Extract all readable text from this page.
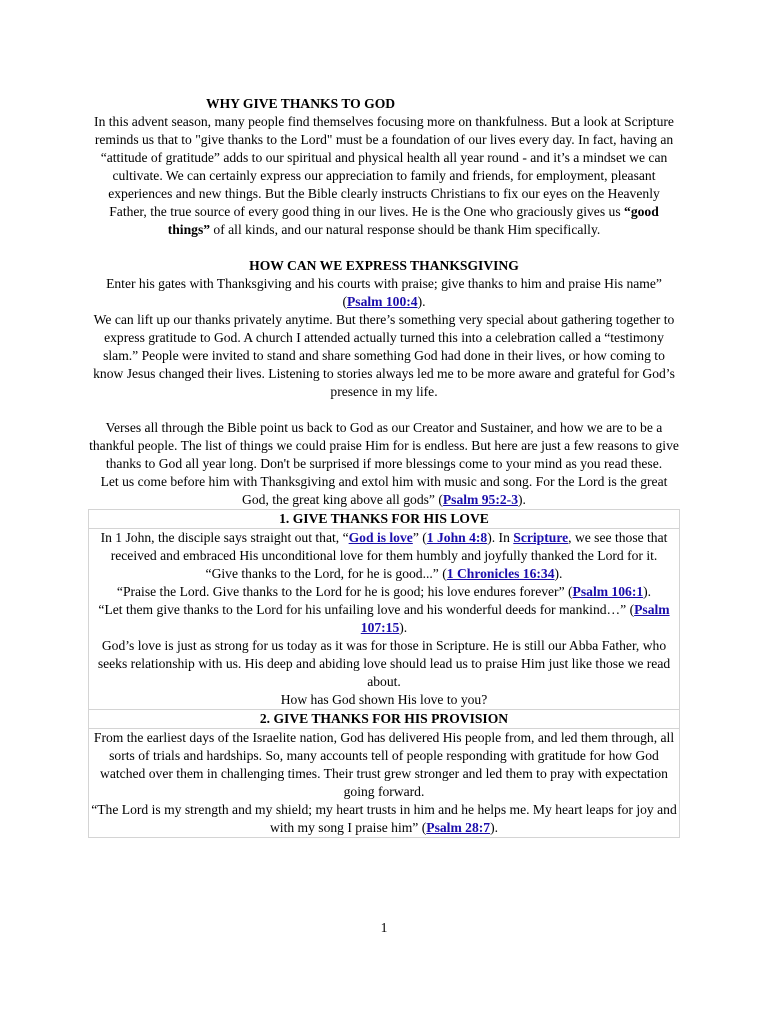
WHY GIVE THANKS TO GOD

In this advent season, many people find themselves focusing more on thankfulness. But a look at Scripture reminds us that to "give thanks to the Lord" must be a foundation of our lives every day. In fact, having an “attitude of gratitude” adds to our spiritual and physical health all year round - and it’s a mindset we can cultivate. We can certainly express our appreciation to family and friends, for employment, pleasant experiences and new things. But the Bible clearly instructs Christians to fix our eyes on the Heavenly Father, the true source of every good thing in our lives. He is the One who graciously gives us “good things” of all kinds, and our natural response should be thank Him specifically.

HOW CAN WE EXPRESS THANKSGIVING

Enter his gates with Thanksgiving and his courts with praise; give thanks to him and praise His name” (Psalm 100:4).

We can lift up our thanks privately anytime. But there’s something very special about gathering together to express gratitude to God. A church I attended actually turned this into a celebration called a “testimony slam.” People were invited to stand and share something God had done in their lives, or how coming to know Jesus changed their lives. Listening to stories always led me to be more aware and grateful for God’s presence in my life.

Verses all through the Bible point us back to God as our Creator and Sustainer, and how we are to be a thankful people. The list of things we could praise Him for is endless. But here are just a few reasons to give thanks to God all year long. Don't be surprised if more blessings come to your mind as you read these.

Let us come before him with Thanksgiving and extol him with music and song. For the Lord is the great God, the great king above all gods” (Psalm 95:2-3).

1. GIVE THANKS FOR HIS LOVE

In 1 John, the disciple says straight out that, “God is love” (1 John 4:8). In Scripture, we see those that received and embraced His unconditional love for them humbly and joyfully thanked the Lord for it.

“Give thanks to the Lord, for he is good...” (1 Chronicles 16:34).

“Praise the Lord. Give thanks to the Lord for he is good; his love endures forever” (Psalm 106:1).

“Let them give thanks to the Lord for his unfailing love and his wonderful deeds for mankind…” (Psalm 107:15).

God’s love is just as strong for us today as it was for those in Scripture. He is still our Abba Father, who seeks relationship with us. His deep and abiding love should lead us to praise Him just like those we read about.

How has God shown His love to you?

2. GIVE THANKS FOR HIS PROVISION

From the earliest days of the Israelite nation, God has delivered His people from, and led them through, all sorts of trials and hardships. So, many accounts tell of people responding with gratitude for how God watched over them in challenging times. Their trust grew stronger and led them to pray with expectation going forward.

“The Lord is my strength and my shield; my heart trusts in him and he helps me. My heart leaps for joy and with my song I praise him” (Psalm 28:7).

1
